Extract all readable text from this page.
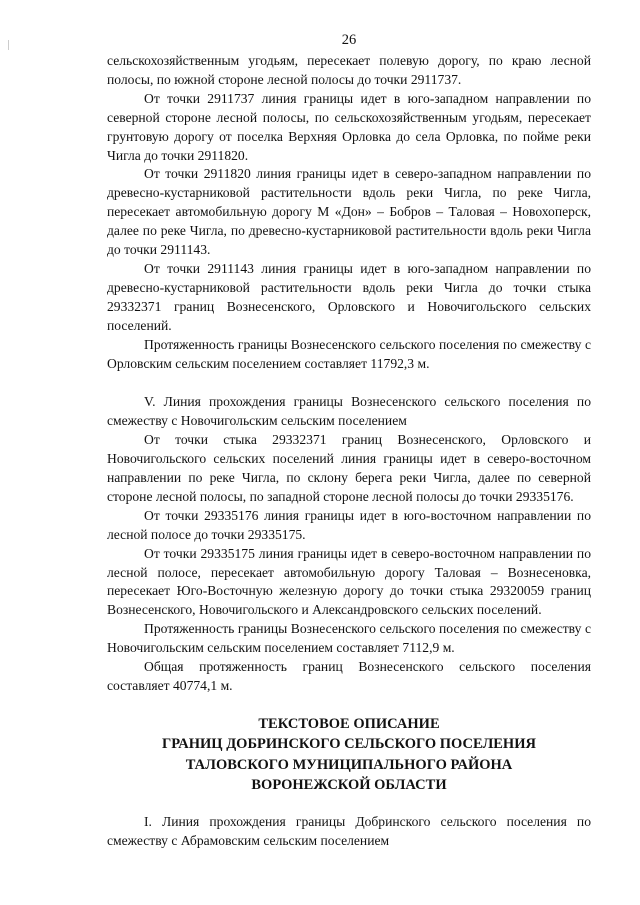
26

сельскохозяйственным угодьям, пересекает полевую дорогу, по краю лесной полосы, по южной стороне лесной полосы до точки 2911737.

От точки 2911737 линия границы идет в юго-западном направлении по северной стороне лесной полосы, по сельскохозяйственным угодьям, пересекает грунтовую дорогу от поселка Верхняя Орловка до села Орловка, по пойме реки Чигла до точки 2911820.

От точки 2911820 линия границы идет в северо-западном направлении по древесно-кустарниковой растительности вдоль реки Чигла, по реке Чигла, пересекает автомобильную дорогу М «Дон» – Бобров – Таловая – Новохоперск, далее по реке Чигла, по древесно-кустарниковой растительности вдоль реки Чигла до точки 2911143.

От точки 2911143 линия границы идет в юго-западном направлении по древесно-кустарниковой растительности вдоль реки Чигла до точки стыка 29332371 границ Вознесенского, Орловского и Новочигольского сельских поселений.

Протяженность границы Вознесенского сельского поселения по смежеству с Орловским сельским поселением составляет 11792,3 м.

V. Линия прохождения границы Вознесенского сельского поселения по смежеству с Новочигольским сельским поселением

От точки стыка 29332371 границ Вознесенского, Орловского и Новочигольского сельских поселений линия границы идет в северо-восточном направлении по реке Чигла, по склону берега реки Чигла, далее по северной стороне лесной полосы, по западной стороне лесной полосы до точки 29335176.

От точки 29335176 линия границы идет в юго-восточном направлении по лесной полосе до точки 29335175.

От точки 29335175 линия границы идет в северо-восточном направлении по лесной полосе, пересекает автомобильную дорогу Таловая – Вознесеновка, пересекает Юго-Восточную железную дорогу до точки стыка 29320059 границ Вознесенского, Новочигольского и Александровского сельских поселений.

Протяженность границы Вознесенского сельского поселения по смежеству с Новочигольским сельским поселением составляет 7112,9 м.

Общая протяженность границ Вознесенского сельского поселения составляет 40774,1 м.

ТЕКСТОВОЕ ОПИСАНИЕ

ГРАНИЦ ДОБРИНСКОГО СЕЛЬСКОГО ПОСЕЛЕНИЯ

ТАЛОВСКОГО МУНИЦИПАЛЬНОГО РАЙОНА

ВОРОНЕЖСКОЙ ОБЛАСТИ

I. Линия прохождения границы Добринского сельского поселения по смежеству с Абрамовским сельским поселением
